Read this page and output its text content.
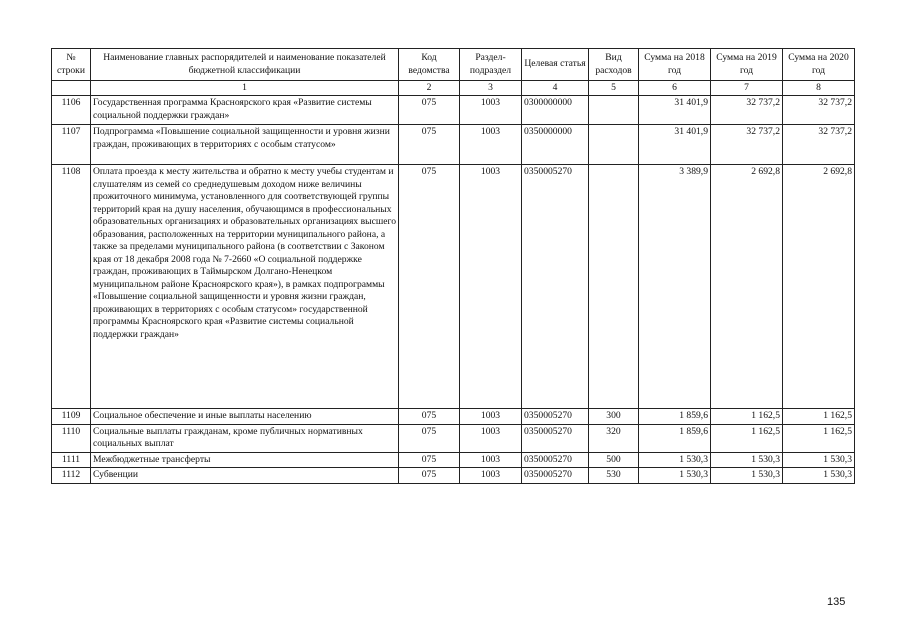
№ строки	Наименование главных распорядителей и наименование показателей бюджетной классификации	Код ведомства	Раздел-подраздел	Целевая статья	Вид расходов	Сумма на 2018 год	Сумма на 2019 год	Сумма на 2020 год
	1	2	3	4	5	6	7	8
1106	Государственная программа Красноярского края «Развитие системы социальной поддержки граждан»	075	1003	0300000000		31 401,9	32 737,2	32 737,2
1107	Подпрограмма «Повышение социальной защищенности и уровня жизни граждан, проживающих в территориях с особым статусом»	075	1003	0350000000		31 401,9	32 737,2	32 737,2
1108	Оплата проезда к месту жительства и обратно к месту учебы студентам и слушателям из семей со среднедушевым доходом ниже величины прожиточного минимума, установленного для соответствующей группы территорий края на душу населения, обучающимся в профессиональных образовательных организациях и образовательных организациях высшего образования, расположенных на территории муниципального района, а также за пределами муниципального района (в соответствии с Законом края от 18 декабря 2008 года № 7-2660 «О социальной поддержке граждан, проживающих в Таймырском Долгано-Ненецком муниципальном районе Красноярского края»), в рамках подпрограммы «Повышение социальной защищенности и уровня жизни граждан, проживающих в территориях с особым статусом» государственной программы Красноярского края «Развитие системы социальной поддержки граждан»	075	1003	0350005270		3 389,9	2 692,8	2 692,8
1109	Социальное обеспечение и иные выплаты населению	075	1003	0350005270	300	1 859,6	1 162,5	1 162,5
1110	Социальные выплаты гражданам, кроме публичных нормативных социальных выплат	075	1003	0350005270	320	1 859,6	1 162,5	1 162,5
1111	Межбюджетные трансферты	075	1003	0350005270	500	1 530,3	1 530,3	1 530,3
1112	Субвенции	075	1003	0350005270	530	1 530,3	1 530,3	1 530,3
135
